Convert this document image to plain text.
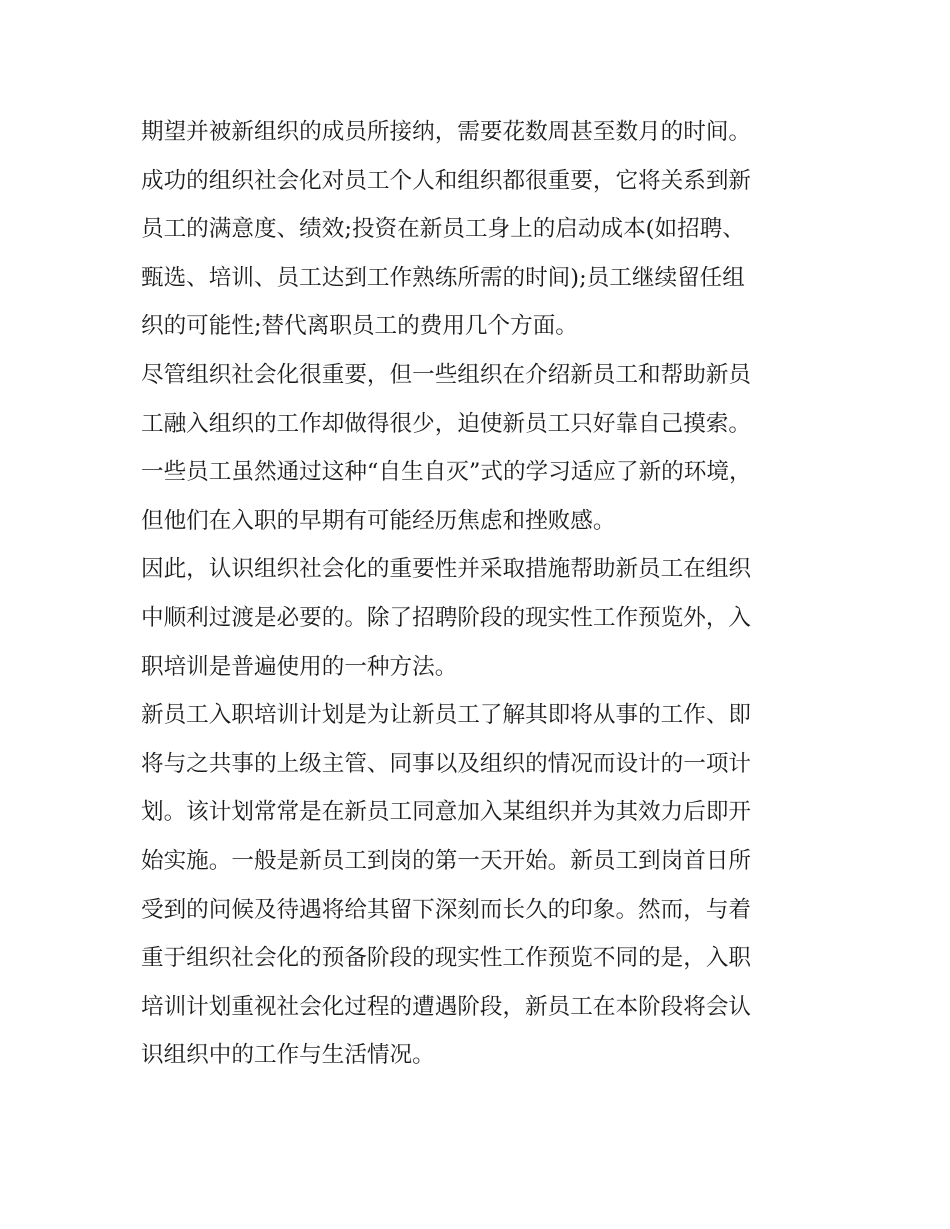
期望并被新组织的成员所接纳，需要花数周甚至数月的时间。
成功的组织社会化对员工个人和组织都很重要，它将关系到新
员工的满意度、绩效;投资在新员工身上的启动成本(如招聘、
甄选、培训、员工达到工作熟练所需的时间);员工继续留任组
织的可能性;替代离职员工的费用几个方面。
尽管组织社会化很重要，但一些组织在介绍新员工和帮助新员
工融入组织的工作却做得很少，迫使新员工只好靠自己摸索。
一些员工虽然通过这种“自生自灭”式的学习适应了新的环境，
但他们在入职的早期有可能经历焦虑和挫败感。
因此，认识组织社会化的重要性并采取措施帮助新员工在组织
中顺利过渡是必要的。除了招聘阶段的现实性工作预览外，入
职培训是普遍使用的一种方法。
新员工入职培训计划是为让新员工了解其即将从事的工作、即
将与之共事的上级主管、同事以及组织的情况而设计的一项计
划。该计划常常是在新员工同意加入某组织并为其效力后即开
始实施。一般是新员工到岗的第一天开始。新员工到岗首日所
受到的问候及待遇将给其留下深刻而长久的印象。然而，与着
重于组织社会化的预备阶段的现实性工作预览不同的是，入职
培训计划重视社会化过程的遭遇阶段，新员工在本阶段将会认
识组织中的工作与生活情况。
